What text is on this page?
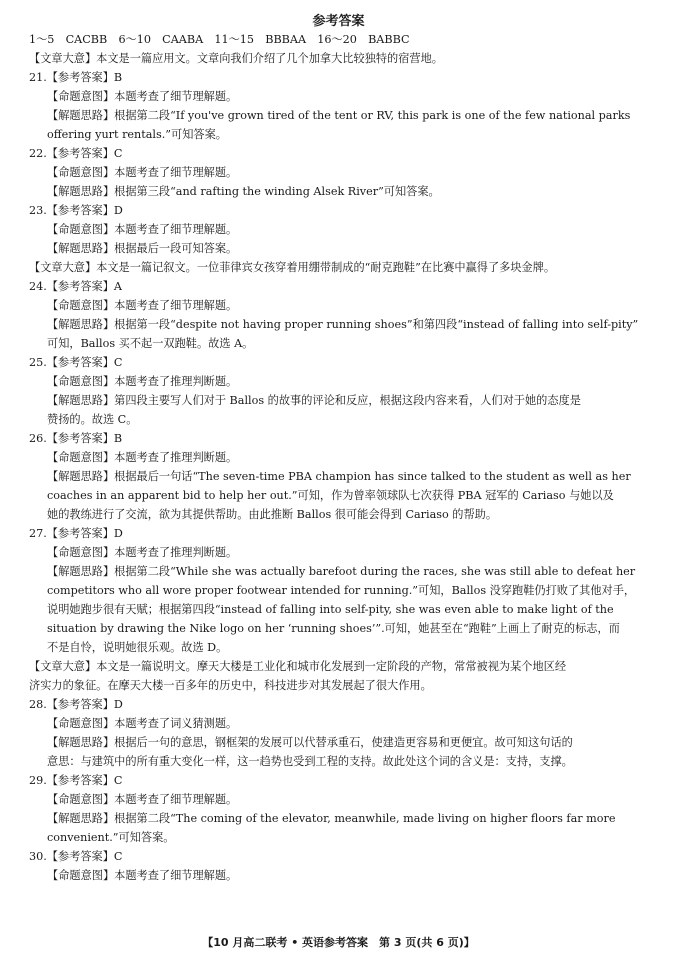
参考答案
1～5　CACBB　6～10　CAABA　11～15　BBBAA　16～20　BABBC
【文章大意】本文是一篇应用文。文章向我们介绍了几个加拿大比较独特的宿营地。
21.【参考答案】B
【命题意图】本题考查了细节理解题。
【解题思路】根据第二段“If you've grown tired of the tent or RV, this park is one of the few national parks
offering yurt rentals.”可知答案。
22.【参考答案】C
【命题意图】本题考查了细节理解题。
【解题思路】根据第三段“and rafting the winding Alsek River”可知答案。
23.【参考答案】D
【命题意图】本题考查了细节理解题。
【解题思路】根据最后一段可知答案。
【文章大意】本文是一篇记叙文。一位菲律宾女孩穿着用绷带制成的“耐克跑鞋”在比赛中赢得了多块金牌。
24.【参考答案】A
【命题意图】本题考查了细节理解题。
【解题思路】根据第一段“despite not having proper running shoes”和第四段“instead of falling into self-pity”
可知，Ballos 买不起一双跑鞋。故选 A。
25.【参考答案】C
【命题意图】本题考查了推理判断题。
【解题思路】第四段主要写人们对于 Ballos 的故事的评论和反应，根据这段内容来看，人们对于她的态度是
赞扬的。故选 C。
26.【参考答案】B
【命题意图】本题考查了推理判断题。
【解题思路】根据最后一句话“The seven-time PBA champion has since talked to the student as well as her
coaches in an apparent bid to help her out.”可知，作为曾率领球队七次获得 PBA 冠军的 Cariaso 与她以及
她的教练进行了交流，欲为其提供帮助。由此推断 Ballos 很可能会得到 Cariaso 的帮助。
27.【参考答案】D
【命题意图】本题考查了推理判断题。
【解题思路】根据第二段“While she was actually barefoot during the races, she was still able to defeat her
competitors who all wore proper footwear intended for running.”可知，Ballos 没穿跑鞋仍打败了其他对手，
说明她跑步很有天赋；根据第四段“instead of falling into self-pity, she was even able to make light of the
situation by drawing the Nike logo on her ‘running shoes’”.可知，她甚至在“跑鞋”上画上了耐克的标志，而
不是自怜，说明她很乐观。故选 D。
【文章大意】本文是一篇说明文。摩天大楼是工业化和城市化发展到一定阶段的产物，常常被视为某个地区经
济实力的象征。在摩天大楼一百多年的历史中，科技进步对其发展起了很大作用。
28.【参考答案】D
【命题意图】本题考查了词义猜测题。
【解题思路】根据后一句的意思，钢框架的发展可以代替承重石，使建造更容易和更便宜。故可知这句话的
意思：与建筑中的所有重大变化一样，这一趋势也受到工程的支持。故此处这个词的含义是：支持，支撑。
29.【参考答案】C
【命题意图】本题考查了细节理解题。
【解题思路】根据第二段“The coming of the elevator, meanwhile, made living on higher floors far more
convenient.”可知答案。
30.【参考答案】C
【命题意图】本题考查了细节理解题。
【10 月高二联考 • 英语参考答案　第 3 页(共 6 页)】
